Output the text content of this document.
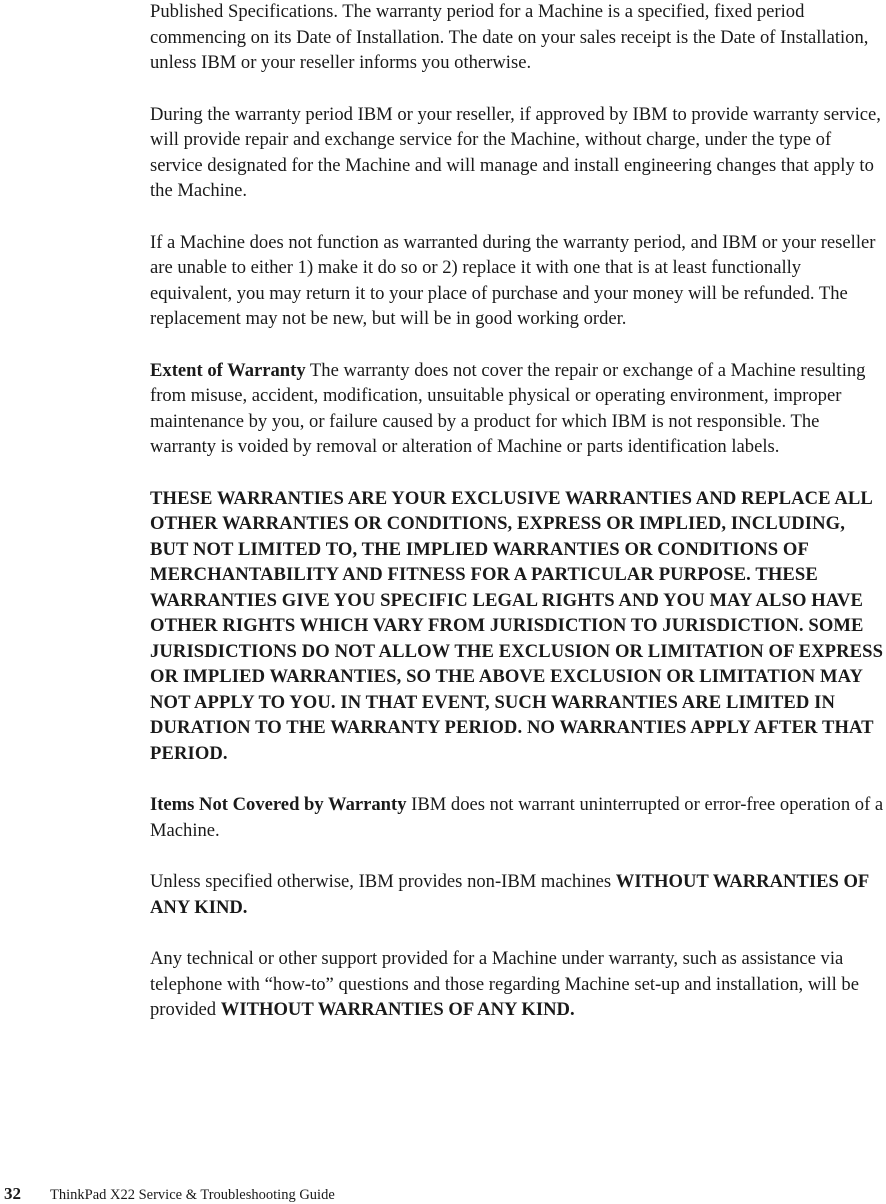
Published Specifications. The warranty period for a Machine is a specified, fixed period commencing on its Date of Installation. The date on your sales receipt is the Date of Installation, unless IBM or your reseller informs you otherwise.

During the warranty period IBM or your reseller, if approved by IBM to provide warranty service, will provide repair and exchange service for the Machine, without charge, under the type of service designated for the Machine and will manage and install engineering changes that apply to the Machine.

If a Machine does not function as warranted during the warranty period, and IBM or your reseller are unable to either 1) make it do so or 2) replace it with one that is at least functionally equivalent, you may return it to your place of purchase and your money will be refunded. The replacement may not be new, but will be in good working order.

Extent of Warranty The warranty does not cover the repair or exchange of a Machine resulting from misuse, accident, modification, unsuitable physical or operating environment, improper maintenance by you, or failure caused by a product for which IBM is not responsible. The warranty is voided by removal or alteration of Machine or parts identification labels.

THESE WARRANTIES ARE YOUR EXCLUSIVE WARRANTIES AND REPLACE ALL OTHER WARRANTIES OR CONDITIONS, EXPRESS OR IMPLIED, INCLUDING, BUT NOT LIMITED TO, THE IMPLIED WARRANTIES OR CONDITIONS OF MERCHANTABILITY AND FITNESS FOR A PARTICULAR PURPOSE. THESE WARRANTIES GIVE YOU SPECIFIC LEGAL RIGHTS AND YOU MAY ALSO HAVE OTHER RIGHTS WHICH VARY FROM JURISDICTION TO JURISDICTION. SOME JURISDICTIONS DO NOT ALLOW THE EXCLUSION OR LIMITATION OF EXPRESS OR IMPLIED WARRANTIES, SO THE ABOVE EXCLUSION OR LIMITATION MAY NOT APPLY TO YOU. IN THAT EVENT, SUCH WARRANTIES ARE LIMITED IN DURATION TO THE WARRANTY PERIOD. NO WARRANTIES APPLY AFTER THAT PERIOD.

Items Not Covered by Warranty IBM does not warrant uninterrupted or error-free operation of a Machine.

Unless specified otherwise, IBM provides non-IBM machines WITHOUT WARRANTIES OF ANY KIND.

Any technical or other support provided for a Machine under warranty, such as assistance via telephone with “how-to” questions and those regarding Machine set-up and installation, will be provided WITHOUT WARRANTIES OF ANY KIND.

32	ThinkPad X22 Service & Troubleshooting Guide
